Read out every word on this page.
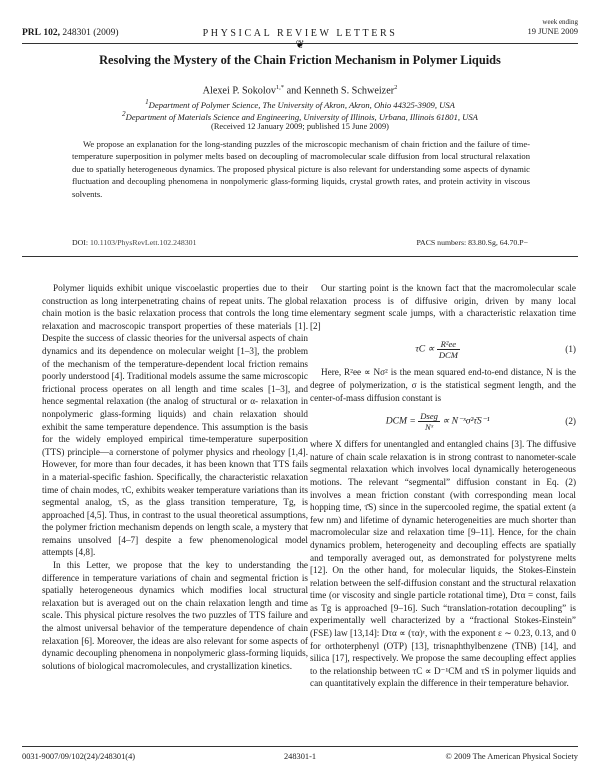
PRL 102, 248301 (2009)	PHYSICAL REVIEW LETTERS
week ending
19 JUNE 2009
❦
Resolving the Mystery of the Chain Friction Mechanism in Polymer Liquids
Alexei P. Sokolov$^{1,*}$ and Kenneth S. Schweizer$^2$
$^1$Department of Polymer Science, The University of Akron, Akron, Ohio 44325-3909, USA
$^2$Department of Materials Science and Engineering, University of Illinois, Urbana, Illinois 61801, USA
(Received 12 January 2009; published 15 June 2009)
We propose an explanation for the long-standing puzzles of the microscopic mechanism of chain friction and the failure of time-temperature superposition in polymer melts based on decoupling of macromolecular scale diffusion from local structural relaxation due to spatially heterogeneous dynamics. The proposed physical picture is also relevant for understanding some aspects of dynamic fluctuation and decoupling phenomena in nonpolymeric glass-forming liquids, crystal growth rates, and protein activity in viscous solvents.
DOI: 10.1103/PhysRevLett.102.248301	PACS numbers: 83.80.Sg, 64.70.P−

Polymer liquids exhibit unique viscoelastic properties due to their construction as long interpenetrating chains of repeat units. The global chain motion is the basic relaxation process that controls the long time relaxation and macroscopic transport properties of these materials [1]. Despite the success of classic theories for the universal aspects of chain dynamics and its dependence on molecular weight [1–3], the problem of the mechanism of the temperature-dependent local friction remains poorly understood [4]. Traditional models assume the same microscopic frictional process operates on all length and time scales [1–3], and hence segmental relaxation (the analog of structural or α- relaxation in nonpolymeric glass-forming liquids) and chain relaxation should exhibit the same temperature dependence. This assumption is the basis for the widely employed empirical time-temperature superposition (TTS) principle—a cornerstone of polymer physics and rheology [1,4]. However, for more than four decades, it has been known that TTS fails in a material-specific fashion. Specifically, the characteristic relaxation time of chain modes, τC, exhibits weaker temperature variations than its segmental analog, τS, as the glass transition temperature, Tg, is approached [4,5]. Thus, in contrast to the usual theoretical assumptions, the polymer friction mechanism depends on length scale, a mystery that remains unsolved [4–7] despite a few phenomenological model attempts [4,8].

In this Letter, we propose that the key to understanding the difference in temperature variations of chain and segmental friction is spatially heterogeneous dynamics which modifies local structural relaxation but is averaged out on the chain relaxation length and time scale. This physical picture resolves the two puzzles of TTS failure and the almost universal behavior of the temperature dependence of chain relaxation [6]. Moreover, the ideas are also relevant for some aspects of dynamic decoupling phenomena in nonpolymeric glass-forming liquids, solutions of biological macromolecules, and crystallization kinetics.

Our starting point is the known fact that the macromolecular scale relaxation process is of diffusive origin, driven by many local elementary segment scale jumps, with a characteristic relaxation time [2]

$\tau C \propto \frac{\text{R²ee}}{\text{DCM}}$	(1)

Here, R²ee ∝ Nσ² is the mean squared end-to-end distance, N is the degree of polymerization, σ is the statistical segment length, and the center-of-mass diffusion constant is

DCM = $\frac{\text{Dseg}}{\text{Nˣ}}$ ∝ N⁻ˣσ²τ̄S⁻¹	(2)

where X differs for unentangled and entangled chains [3]. The diffusive nature of chain scale relaxation is in strong contrast to nanometer-scale segmental relaxation which involves local dynamically heterogeneous motions. The relevant “segmental” diffusion constant in Eq. (2) involves a mean friction constant (with corresponding mean local hopping time, τ̄S) since in the supercooled regime, the spatial extent (a few nm) and lifetime of dynamic heterogeneities are much shorter than macromolecular size and relaxation time [9–11]. Hence, for the chain dynamics problem, heterogeneity and decoupling effects are spatially and temporally averaged out, as demonstrated for polystyrene melts [12]. On the other hand, for molecular liquids, the Stokes-Einstein relation between the self-diffusion constant and the structural relaxation time (or viscosity and single particle rotational time), Dτα = const, fails as Tg is approached [9–16]. Such “translation-rotation decoupling” is experimentally well characterized by a “fractional Stokes-Einstein” (FSE) law [13,14]: Dτα ∝ (τα)ᵋ, with the exponent ε ∼ 0.23, 0.13, and 0 for orthoterphenyl (OTP) [13], trisnaphthylbenzene (TNB) [14], and silica [17], respectively. We propose the same decoupling effect applies to the relationship between τC ∝ D⁻¹CM and τS in polymer liquids and can quantitatively explain the difference in their temperature behavior.

0031-9007/09/102(24)/248301(4)	248301-1	© 2009 The American Physical Society
